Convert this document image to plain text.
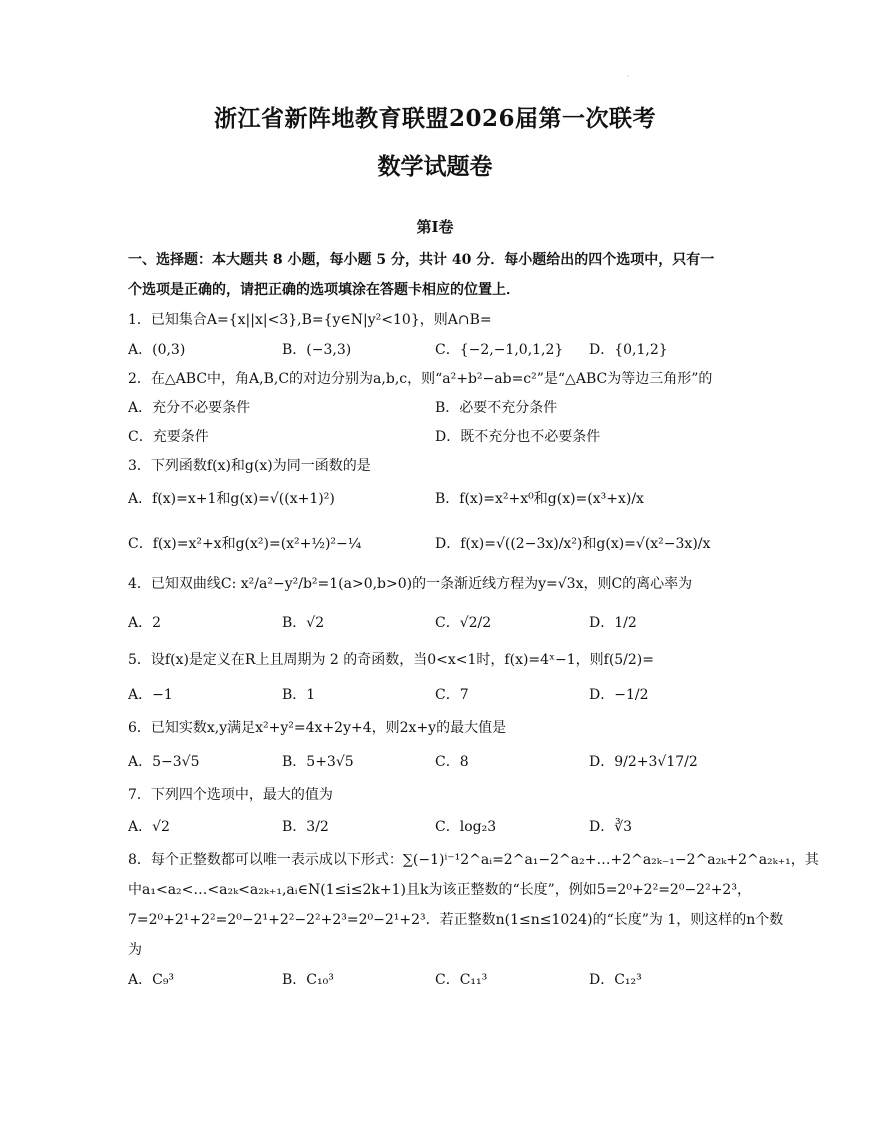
·
浙江省新阵地教育联盟2026届第一次联考
数学试题卷
第Ⅰ卷
一、选择题：本大题共 8 小题，每小题 5 分，共计 40 分．每小题给出的四个选项中，只有一
个选项是正确的，请把正确的选项填涂在答题卡相应的位置上．
1．已知集合A={x||x|<3},B={y∈N|y²<10}，则A∩B=
A．(0,3)	B．(−3,3)	C．{−2,−1,0,1,2} D．{0,1,2}
2．在△ABC中，角A,B,C的对边分别为a,b,c，则“a²+b²−ab=c²”是“△ABC为等边三角形”的
A．充分不必要条件	B．必要不充分条件
C．充要条件	D．既不充分也不必要条件
3．下列函数f(x)和g(x)为同一函数的是
A．f(x)=x+1和g(x)=√((x+1)²)	B．f(x)=x²+x⁰和g(x)=(x³+x)/x
C．f(x)=x²+x和g(x²)=(x²+½)²−¼	D．f(x)=√((2−3x)/x²)和g(x)=√(x²−3x)/x
4．已知双曲线C: x²/a²−y²/b²=1(a>0,b>0)的一条渐近线方程为y=√3x，则C的离心率为
A．2	B．√2	C．√2/2	D．1/2
5．设f(x)是定义在R上且周期为 2 的奇函数，当0<x<1时，f(x)=4ˣ−1，则f(5/2)=
A．−1	B．1	C．7	D．−1/2
6．已知实数x,y满足x²+y²=4x+2y+4，则2x+y的最大值是
A．5−3√5	B．5+3√5	C．8	D．9/2+3√17/2
7．下列四个选项中，最大的值为
A．√2	B．3/2	C．log₂3	D．∛3
8．每个正整数都可以唯一表示成以下形式：∑(−1)ⁱ⁻¹2^aᵢ=2^a₁−2^a₂+…+2^a₂ₖ₋₁−2^a₂ₖ+2^a₂ₖ₊₁，其
中a₁<a₂<…<a₂ₖ<a₂ₖ₊₁,aᵢ∈N(1≤i≤2k+1)且k为该正整数的“长度”，例如5=2⁰+2²=2⁰−2²+2³，
7=2⁰+2¹+2²=2⁰−2¹+2²−2²+2³=2⁰−2¹+2³．若正整数n(1≤n≤1024)的“长度”为 1，则这样的n个数
为
A．C₉³	B．C₁₀³	C．C₁₁³	D．C₁₂³
